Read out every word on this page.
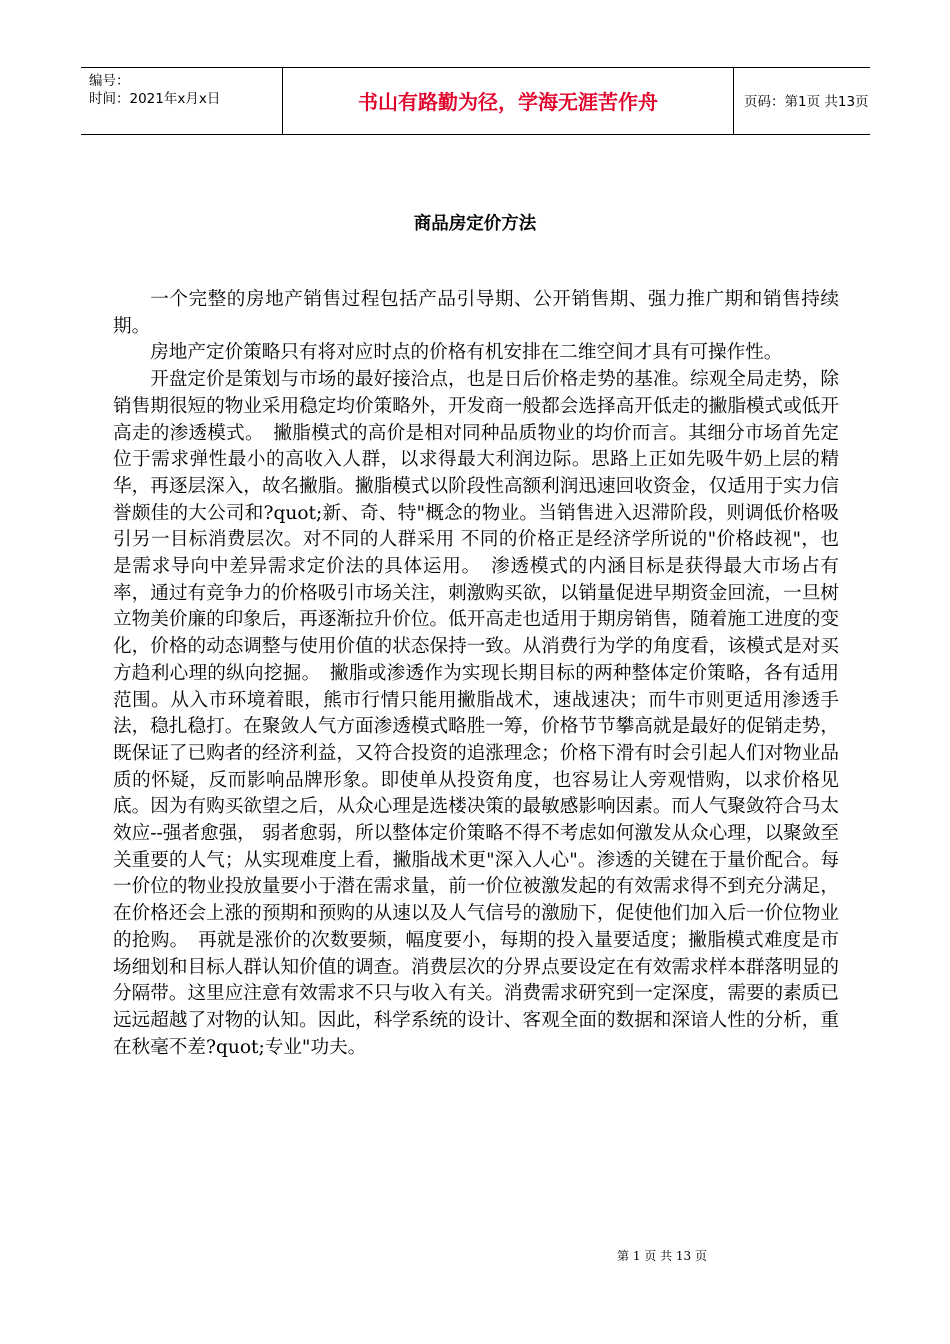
编号：
时间：2021年x月x日	书山有路勤为径，学海无涯苦作舟	页码：第1页 共13页
商品房定价方法

一个完整的房地产销售过程包括产品引导期、公开销售期、强力推广期和销售持续期。

房地产定价策略只有将对应时点的价格有机安排在二维空间才具有可操作性。

开盘定价是策划与市场的最好接洽点，也是日后价格走势的基准。综观全局走势，除销售期很短的物业采用稳定均价策略外，开发商一般都会选择高开低走的撇脂模式或低开高走的渗透模式。　撇脂模式的高价是相对同种品质物业的均价而言。其细分市场首先定位于需求弹性最小的高收入人群，以求得最大利润边际。思路上正如先吸牛奶上层的精华，再逐层深入，故名撇脂。撇脂模式以阶段性高额利润迅速回收资金，仅适用于实力信誉颇佳的大公司和?quot;新、奇、特"概念的物业。当销售进入迟滞阶段，则调低价格吸引另一目标消费层次。对不同的人群采用 不同的价格正是经济学所说的"价格歧视"，也是需求导向中差异需求定价法的具体运用。　渗透模式的内涵目标是获得最大市场占有率，通过有竞争力的价格吸引市场关注，刺激购买欲，以销量促进早期资金回流，一旦树立物美价廉的印象后，再逐渐拉升价位。低开高走也适用于期房销售，随着施工进度的变化，价格的动态调整与使用价值的状态保持一致。从消费行为学的角度看，该模式是对买方趋利心理的纵向挖掘。　撇脂或渗透作为实现长期目标的两种整体定价策略，各有适用范围。从入市环境着眼，熊市行情只能用撇脂战术，速战速决；而牛市则更适用渗透手法，稳扎稳打。在聚敛人气方面渗透模式略胜一筹，价格节节攀高就是最好的促销走势，既保证了已购者的经济利益，又符合投资的追涨理念；价格下滑有时会引起人们对物业品质的怀疑，反而影响品牌形象。即使单从投资角度，也容易让人旁观惜购，以求价格见底。因为有购买欲望之后，从众心理是选楼决策的最敏感影响因素。而人气聚敛符合马太效应--强者愈强， 弱者愈弱，所以整体定价策略不得不考虑如何激发从众心理，以聚敛至关重要的人气；从实现难度上看，撇脂战术更"深入人心"。渗透的关键在于量价配合。每一价位的物业投放量要小于潜在需求量，前一价位被激发起的有效需求得不到充分满足，在价格还会上涨的预期和预购的从速以及人气信号的激励下，促使他们加入后一价位物业的抢购。　再就是涨价的次数要频，幅度要小，每期的投入量要适度；撇脂模式难度是市场细划和目标人群认知价值的调查。消费层次的分界点要设定在有效需求样本群落明显的分隔带。这里应注意有效需求不只与收入有关。消费需求研究到一定深度，需要的素质已远远超越了对物的认知。因此，科学系统的设计、客观全面的数据和深谙人性的分析，重在秋毫不差?quot;专业"功夫。

第 1 页 共 13 页
